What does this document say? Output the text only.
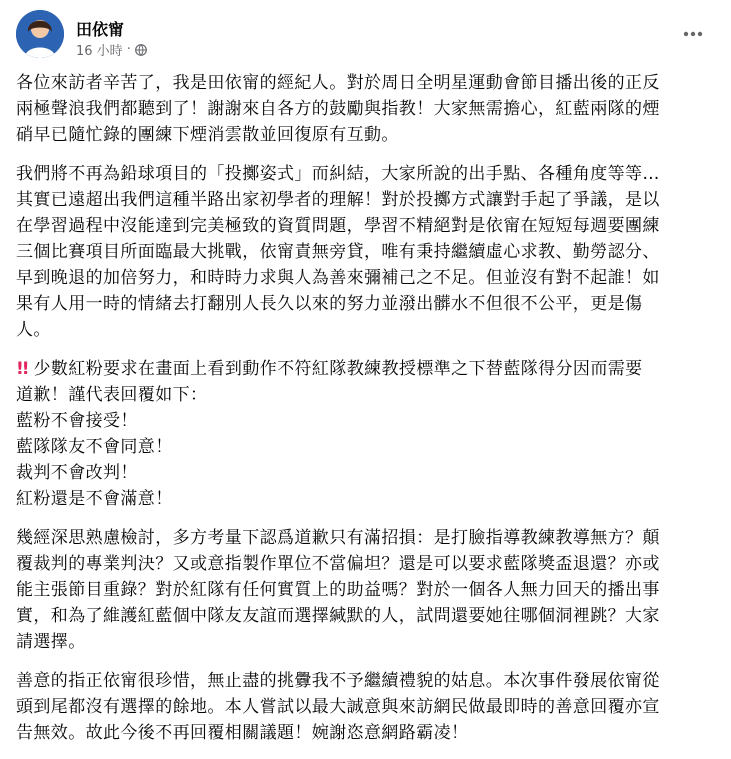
田依甯
16 小時 ·

各位來訪者辛苦了，我是田依甯的經紀人。對於周日全明星運動會節目播出後的正反
兩極聲浪我們都聽到了！謝謝來自各方的鼓勵與指教！大家無需擔心，紅藍兩隊的煙
硝早已隨忙錄的團練下煙消雲散並回復原有互動。

我們將不再為鉛球項目的「投擲姿式」而糾結，大家所說的出手點、各種角度等等…
其實已遠超出我們這種半路出家初學者的理解！對於投擲方式讓對手起了爭議，是以
在學習過程中沒能達到完美極致的資質問題，學習不精絕對是依甯在短短每週要團練
三個比賽項目所面臨最大挑戰，依甯責無旁貸，唯有秉持繼續虛心求教、勤勞認分、
早到晚退的加倍努力，和時時力求與人為善來彌補己之不足。但並沒有對不起誰！如
果有人用一時的情緒去打翻別人長久以來的努力並潑出髒水不但很不公平，更是傷
人。

!! 少數紅粉要求在畫面上看到動作不符紅隊教練教授標準之下替藍隊得分因而需要
道歉！謹代表回覆如下：
藍粉不會接受！
藍隊隊友不會同意！
裁判不會改判！
紅粉還是不會滿意！

幾經深思熟慮檢討，多方考量下認爲道歉只有滿招損：是打臉指導教練教導無方？顛
覆裁判的專業判決？又或意指製作單位不當偏坦？還是可以要求藍隊獎盃退還？亦或
能主張節目重錄？對於紅隊有任何實質上的助益嗎？對於一個各人無力回天的播出事
實，和為了維護紅藍個中隊友友誼而選擇緘默的人，試問還要她往哪個洞裡跳？大家
請選擇。

善意的指正依甯很珍惜，無止盡的挑釁我不予繼續禮貌的姑息。本次事件發展依甯從
頭到尾都沒有選擇的餘地。本人嘗試以最大誠意與來訪網民做最即時的善意回覆亦宣
告無效。故此今後不再回覆相關議題！婉謝恣意網路霸凌！
